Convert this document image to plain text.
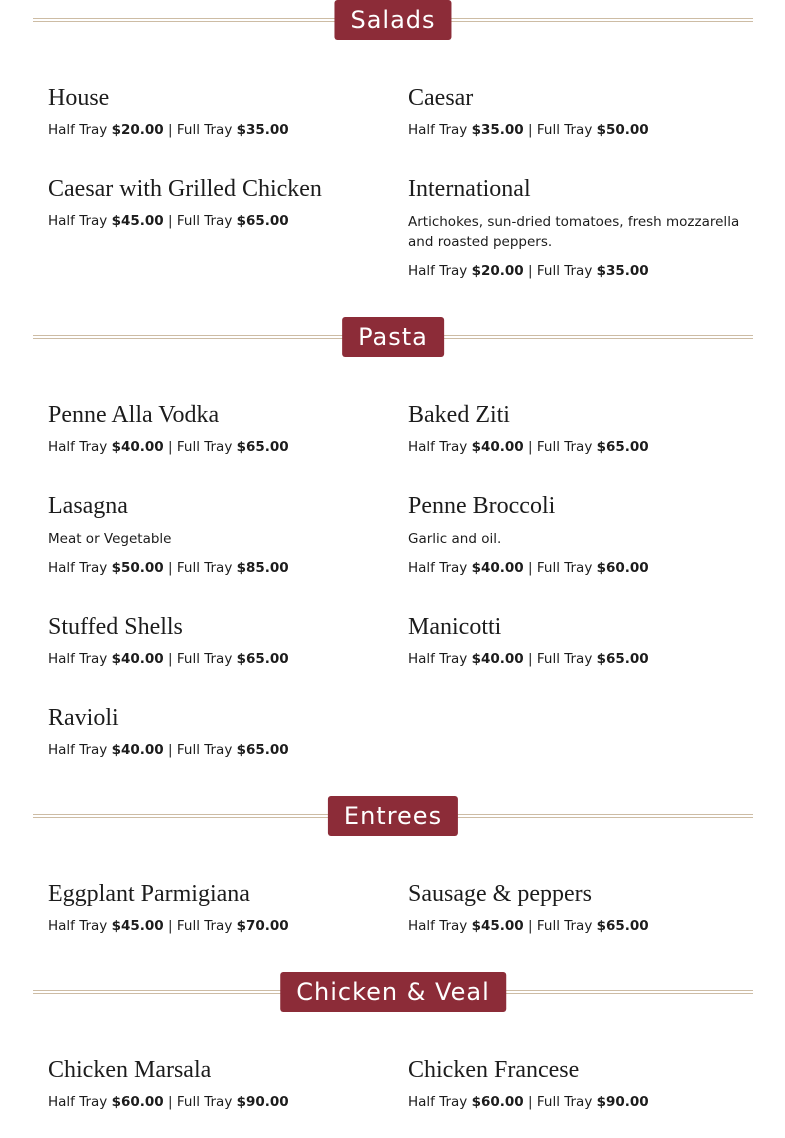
Salads
House
Half Tray $20.00 | Full Tray $35.00
Caesar
Half Tray $35.00 | Full Tray $50.00
Caesar with Grilled Chicken
Half Tray $45.00 | Full Tray $65.00
International
Artichokes, sun-dried tomatoes, fresh mozzarella and roasted peppers.
Half Tray $20.00 | Full Tray $35.00
Pasta
Penne Alla Vodka
Half Tray $40.00 | Full Tray $65.00
Baked Ziti
Half Tray $40.00 | Full Tray $65.00
Lasagna
Meat or Vegetable
Half Tray $50.00 | Full Tray $85.00
Penne Broccoli
Garlic and oil.
Half Tray $40.00 | Full Tray $60.00
Stuffed Shells
Half Tray $40.00 | Full Tray $65.00
Manicotti
Half Tray $40.00 | Full Tray $65.00
Ravioli
Half Tray $40.00 | Full Tray $65.00
Entrees
Eggplant Parmigiana
Half Tray $45.00 | Full Tray $70.00
Sausage & peppers
Half Tray $45.00 | Full Tray $65.00
Chicken & Veal
Chicken Marsala
Half Tray $60.00 | Full Tray $90.00
Chicken Francese
Half Tray $60.00 | Full Tray $90.00
